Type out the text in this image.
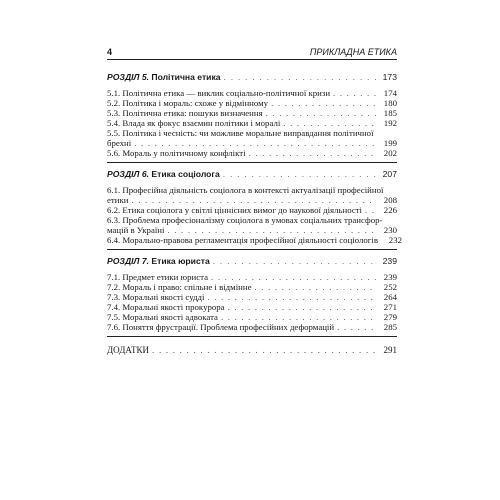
4	ПРИКЛАДНА ЕТИКА
РОЗДІЛ 5. Політична етика . . .	173
5.1. Політична етика — виклик соціально-політичної кризи . . .	174
5.2. Політика і мораль: схоже у відмінному . . .	180
5.3. Політична етика: пошуки визначення . . .	185
5.4. Влада як фокус взаємин політики і моралі . . .	192
5.5. Політика і чесність: чи можливе моральне виправдання політичної
брехні . . .	199
5.6. Мораль у політичному конфлікті . . .	202
РОЗДІЛ 6. Етика соціолога . . .	207
6.1. Професійна діяльність соціолога в контексті актуалізації професійної
етики . . .	208
6.2. Етика соціолога у світлі ціннісних вимог до наукової діяльності . . .	226
6.3. Проблема професіоналізму соціолога в умовах соціальних трансфор-
мацій в Україні . . .	230
6.4. Морально-правова регламентація професійної діяльності соціологів	232
РОЗДІЛ 7. Етика юриста . . .	239
7.1. Предмет етики юриста . . .	239
7.2. Мораль і право: спільне і відмінне . . .	252
7.3. Моральні якості судді . . .	264
7.4. Моральні якості прокурора . . .	271
7.5. Моральні якості адвоката . . .	279
7.6. Поняття фрустрації. Проблема професійних деформацій . . .	285
ДОДАТКИ . . .	291
